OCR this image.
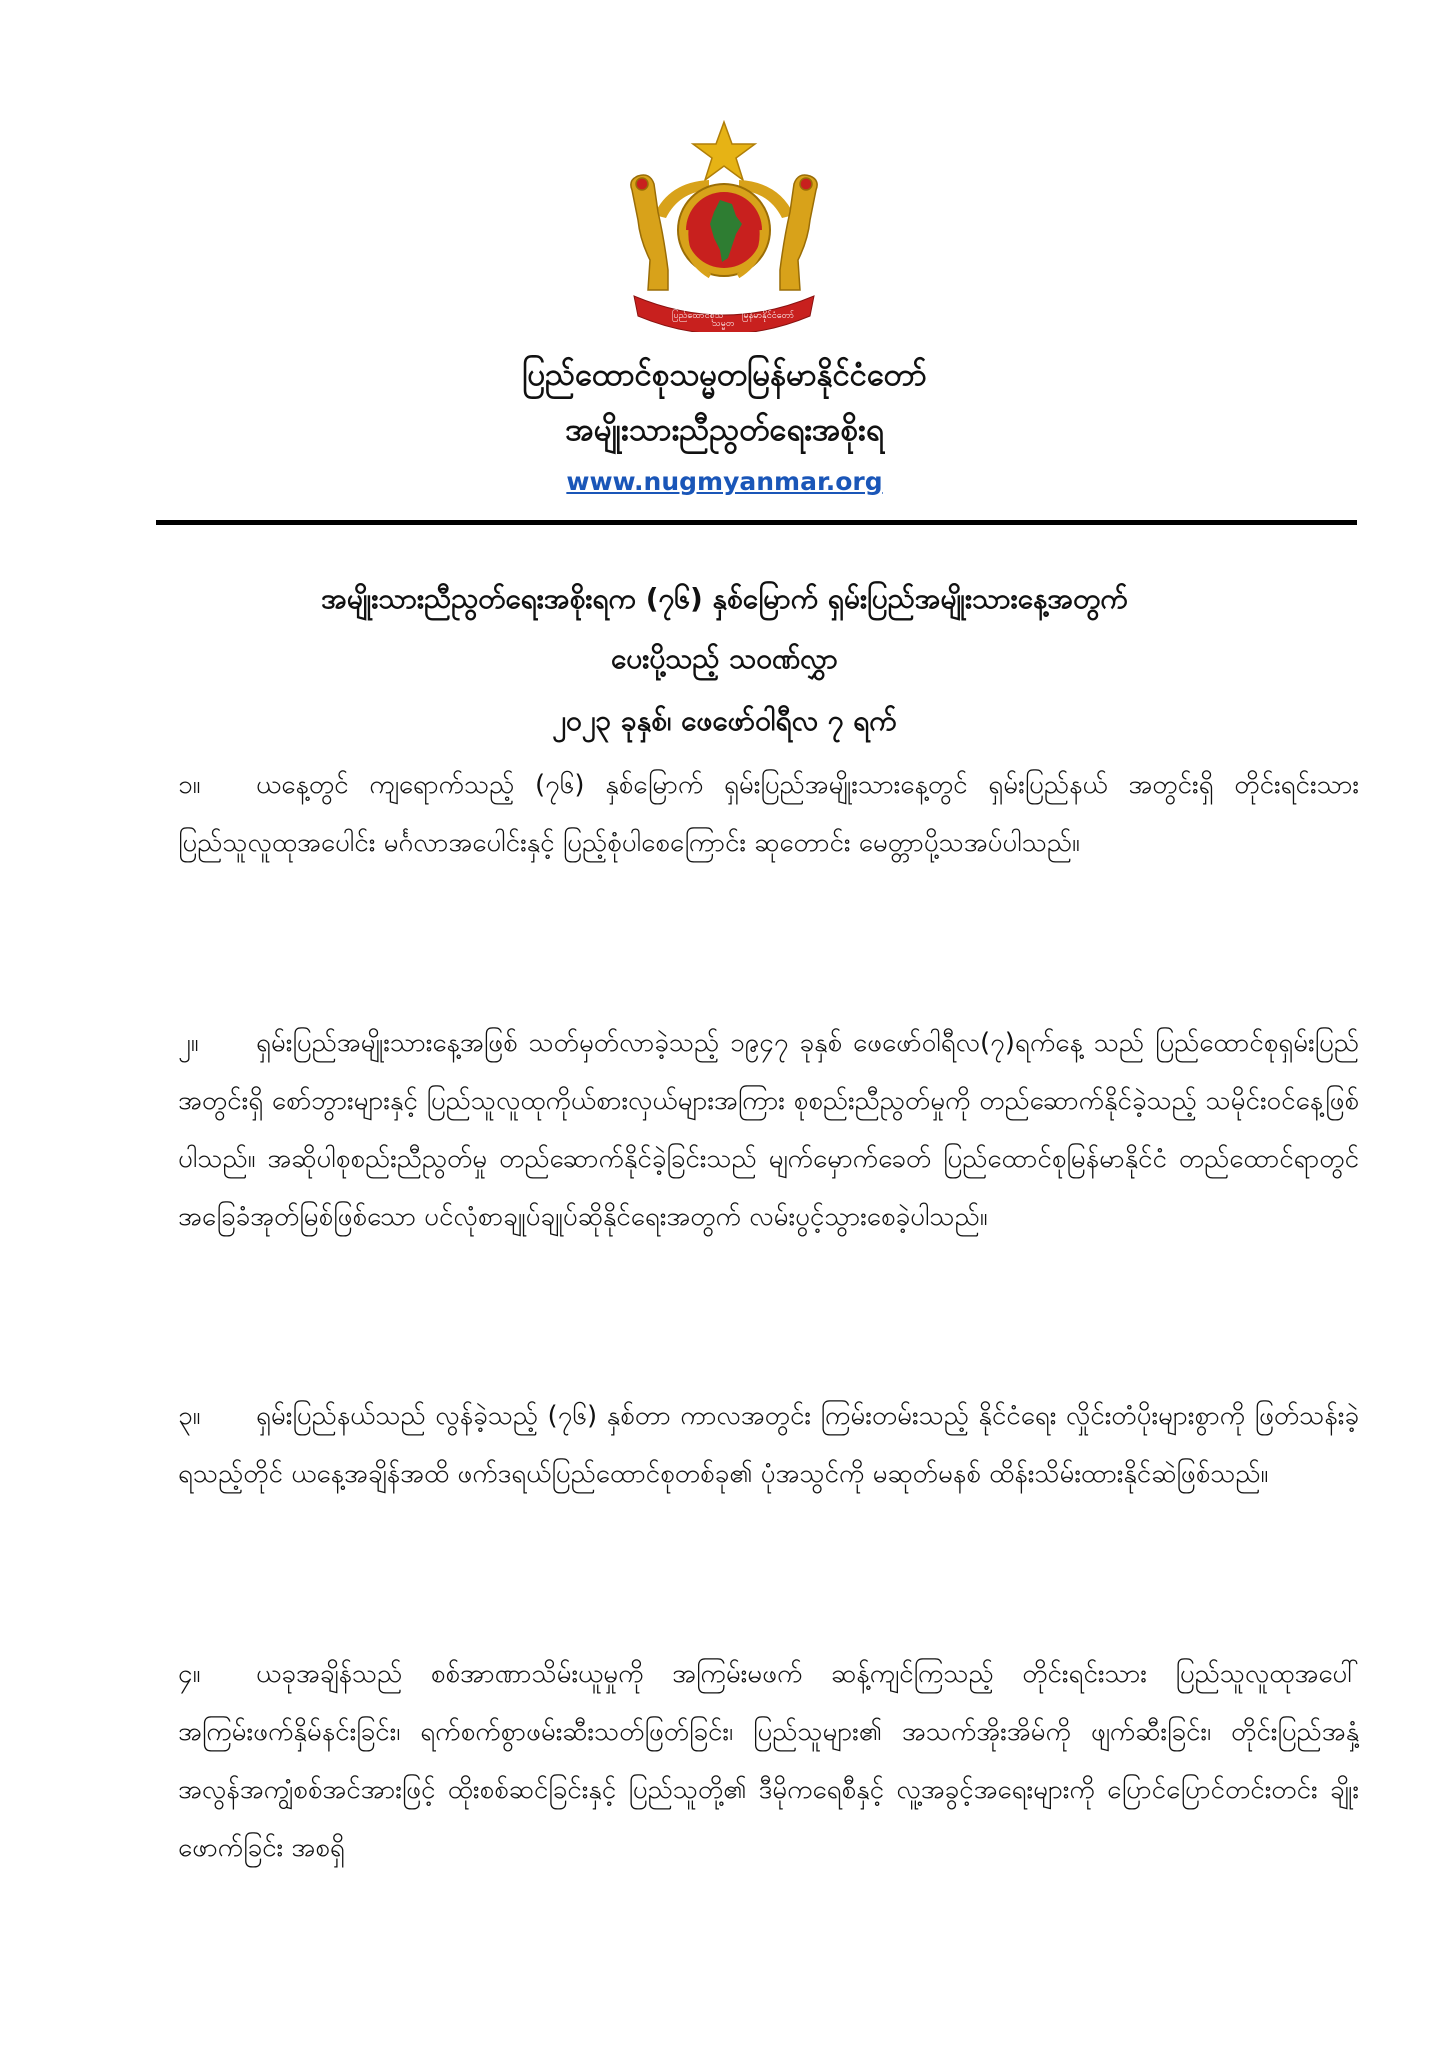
ပြည်ထောင်စုသ
သမ္မတ
မြန်မာနိုင်ငံတော်
ပြည်ထောင်စုသမ္မတမြန်မာနိုင်ငံတော်
အမျိုးသားညီညွတ်ရေးအစိုးရ
www.nugmyanmar.org
အမျိုးသားညီညွတ်ရေးအစိုးရက (၇၆) နှစ်မြောက် ရှမ်းပြည်အမျိုးသားနေ့အတွက်
ပေးပို့သည့် သဝဏ်လွှာ
၂၀၂၃ ခုနှစ်၊ ဖေဖော်ဝါရီလ ၇ ရက်
၁။ ယနေ့တွင် ကျရောက်သည့် (၇၆) နှစ်မြောက် ရှမ်းပြည်အမျိုးသားနေ့တွင် ရှမ်းပြည်နယ် အတွင်းရှိ တိုင်းရင်းသားပြည်သူလူထုအပေါင်း မင်္ဂလာအပေါင်းနှင့် ပြည့်စုံပါစေကြောင်း ဆုတောင်း မေတ္တာပို့သအပ်ပါသည်။
၂။ ရှမ်းပြည်အမျိုးသားနေ့အဖြစ် သတ်မှတ်လာခဲ့သည့် ၁၉၄၇ ခုနှစ် ဖေဖော်ဝါရီလ(၇)ရက်နေ့ သည် ပြည်ထောင်စုရှမ်းပြည်အတွင်းရှိ စော်ဘွားများနှင့် ပြည်သူလူထုကိုယ်စားလှယ်များအကြား စုစည်းညီညွတ်မှုကို တည်ဆောက်နိုင်ခဲ့သည့် သမိုင်းဝင်နေ့ဖြစ်ပါသည်။ အဆိုပါစုစည်းညီညွတ်မှု တည်ဆောက်နိုင်ခဲ့ခြင်းသည် မျက်မှောက်ခေတ် ပြည်ထောင်စုမြန်မာနိုင်ငံ တည်ထောင်ရာတွင် အခြေခံအုတ်မြစ်ဖြစ်သော ပင်လုံစာချုပ်ချုပ်ဆိုနိုင်ရေးအတွက် လမ်းပွင့်သွားစေခဲ့ပါသည်။
၃။ ရှမ်းပြည်နယ်သည် လွန်ခဲ့သည့် (၇၆) နှစ်တာ ကာလအတွင်း ကြမ်းတမ်းသည့် နိုင်ငံရေး လှိုင်းတံပိုးများစွာကို ဖြတ်သန်းခဲ့ရသည့်တိုင် ယနေ့အချိန်အထိ ဖက်ဒရယ်ပြည်ထောင်စုတစ်ခု၏ ပုံအသွင်ကို မဆုတ်မနစ် ထိန်းသိမ်းထားနိုင်ဆဲဖြစ်သည်။
၄။ ယခုအချိန်သည် စစ်အာဏာသိမ်းယူမှုကို အကြမ်းမဖက် ဆန့်ကျင်ကြသည့် တိုင်းရင်းသား ပြည်သူလူထုအပေါ် အကြမ်းဖက်နှိမ်နင်းခြင်း၊ ရက်စက်စွာဖမ်းဆီးသတ်ဖြတ်ခြင်း၊ ပြည်သူများ၏ အသက်အိုးအိမ်ကို ဖျက်ဆီးခြင်း၊ တိုင်းပြည်အနှံ့ အလွန်အကျွံစစ်အင်အားဖြင့် ထိုးစစ်ဆင်ခြင်းနှင့် ပြည်သူတို့၏ ဒီမိုကရေစီနှင့် လူ့အခွင့်အရေးများကို ပြောင်ပြောင်တင်းတင်း ချိုးဖောက်ခြင်း အစရှိ
